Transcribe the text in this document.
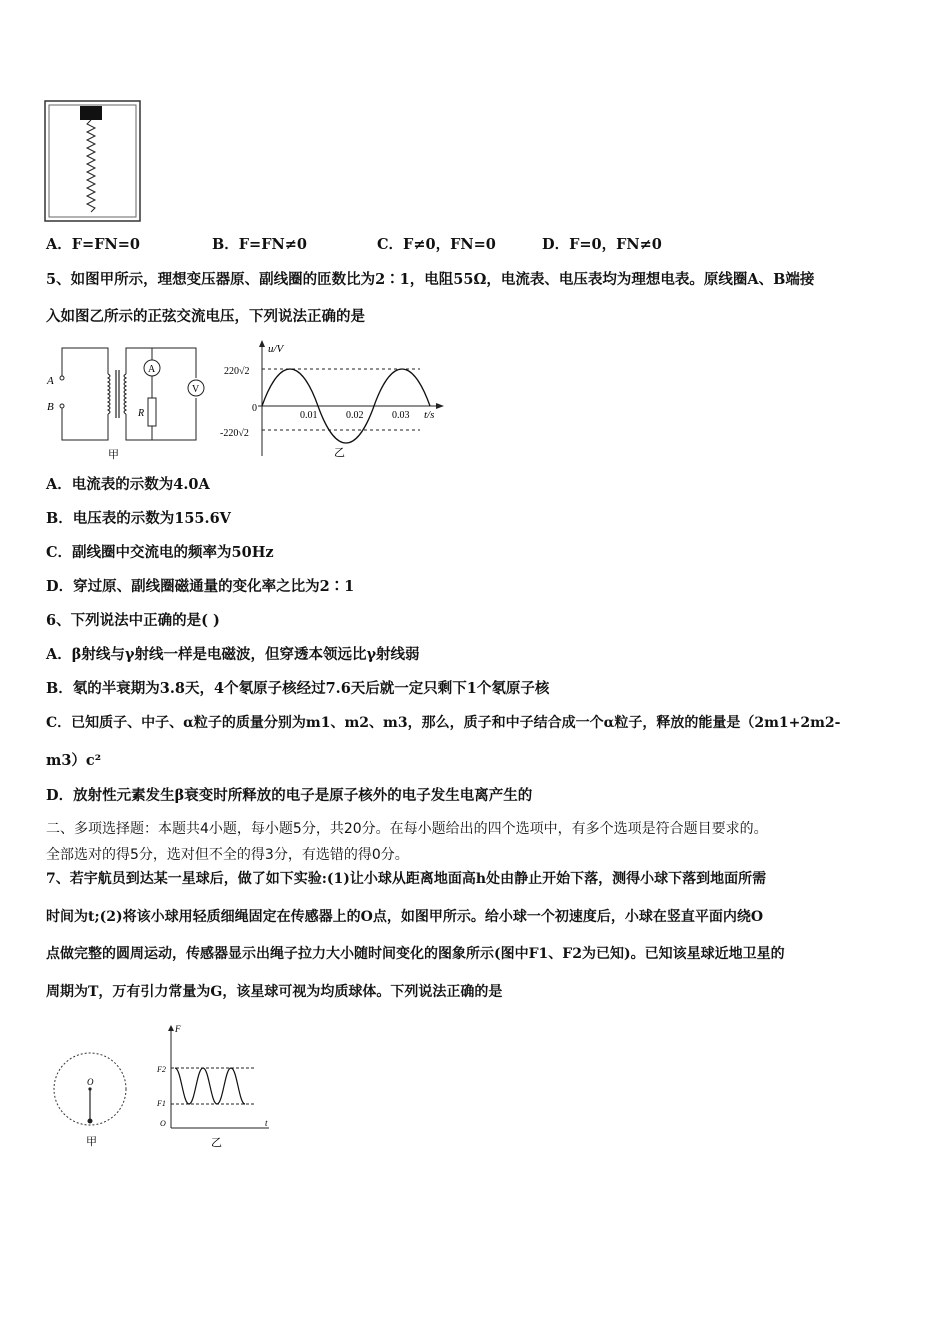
A．F=FN=0	B．F=FN≠0	C．F≠0，FN=0	D．F=0，FN≠0
5、如图甲所示，理想变压器原、副线圈的匝数比为2∶1，电阻55Ω，电流表、电压表均为理想电表。原线圈A、B端接
入如图乙所示的正弦交流电压，下列说法正确的是
A
B
A
R
V
甲
u/V
220√2
-220√2
0
0.01	0.02	0.03 t/s
乙
A．电流表的示数为4.0A
B．电压表的示数为155.6V
C．副线圈中交流电的频率为50Hz
D．穿过原、副线圈磁通量的变化率之比为2∶1
6、下列说法中正确的是( )
A．β射线与γ射线一样是电磁波，但穿透本领远比γ射线弱
B．氡的半衰期为3.8天，4个氡原子核经过7.6天后就一定只剩下1个氡原子核
C．已知质子、中子、α粒子的质量分别为m1、m2、m3，那么，质子和中子结合成一个α粒子，释放的能量是（2m1+2m2-
m3）c²
D．放射性元素发生β衰变时所释放的电子是原子核外的电子发生电离产生的
二、多项选择题：本题共4小题，每小题5分，共20分。在每小题给出的四个选项中，有多个选项是符合题目要求的。
全部选对的得5分，选对但不全的得3分，有选错的得0分。
7、若宇航员到达某一星球后，做了如下实验:(1)让小球从距离地面高h处由静止开始下落，测得小球下落到地面所需
时间为t;(2)将该小球用轻质细绳固定在传感器上的O点，如图甲所示。给小球一个初速度后，小球在竖直平面内绕O
点做完整的圆周运动，传感器显示出绳子拉力大小随时间变化的图象所示(图中F1、F2为已知)。已知该星球近地卫星的
周期为T，万有引力常量为G，该星球可视为均质球体。下列说法正确的是
O
甲
F
F2
F1
O	t
乙
